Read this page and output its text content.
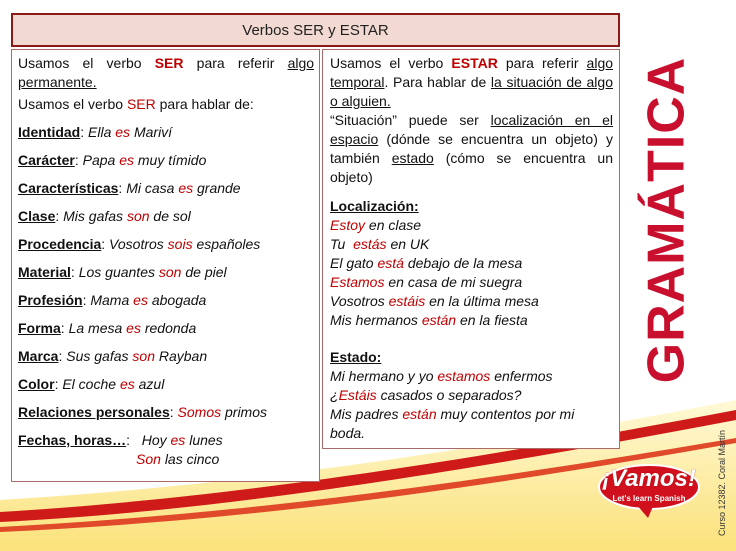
Verbos SER y ESTAR

Usamos el verbo SER para referir algo permanente.

Usamos el verbo SER para hablar de:

Identidad: Ella es Mariví

Carácter: Papa es muy tímido

Características: Mi casa es grande

Clase: Mis gafas son de sol

Procedencia: Vosotros sois españoles

Material: Los guantes son de piel

Profesión: Mama es abogada

Forma: La mesa es redonda

Marca: Sus gafas son Rayban

Color: El coche es azul

Relaciones personales: Somos primos

Fechas, horas…: Hoy es lunes

Son las cinco

Usamos el verbo ESTAR para referir algo temporal. Para hablar de la situación de algo o alguien.

“Situación” puede ser localización en el espacio (dónde se encuentra un objeto) y también estado (cómo se encuentra un objeto)

Localización:

Estoy en clase

Tu estás en UK

El gato está debajo de la mesa

Estamos en casa de mi suegra

Vosotros estáis en la última mesa

Mis hermanos están en la fiesta

Estado:

Mi hermano y yo estamos enfermos

¿Estáis casados o separados?

Mis padres están muy contentos por mi boda.

GRAMÁTICA
Curso 12382. Coral Martín
¡Vamos!
Let's learn Spanish
